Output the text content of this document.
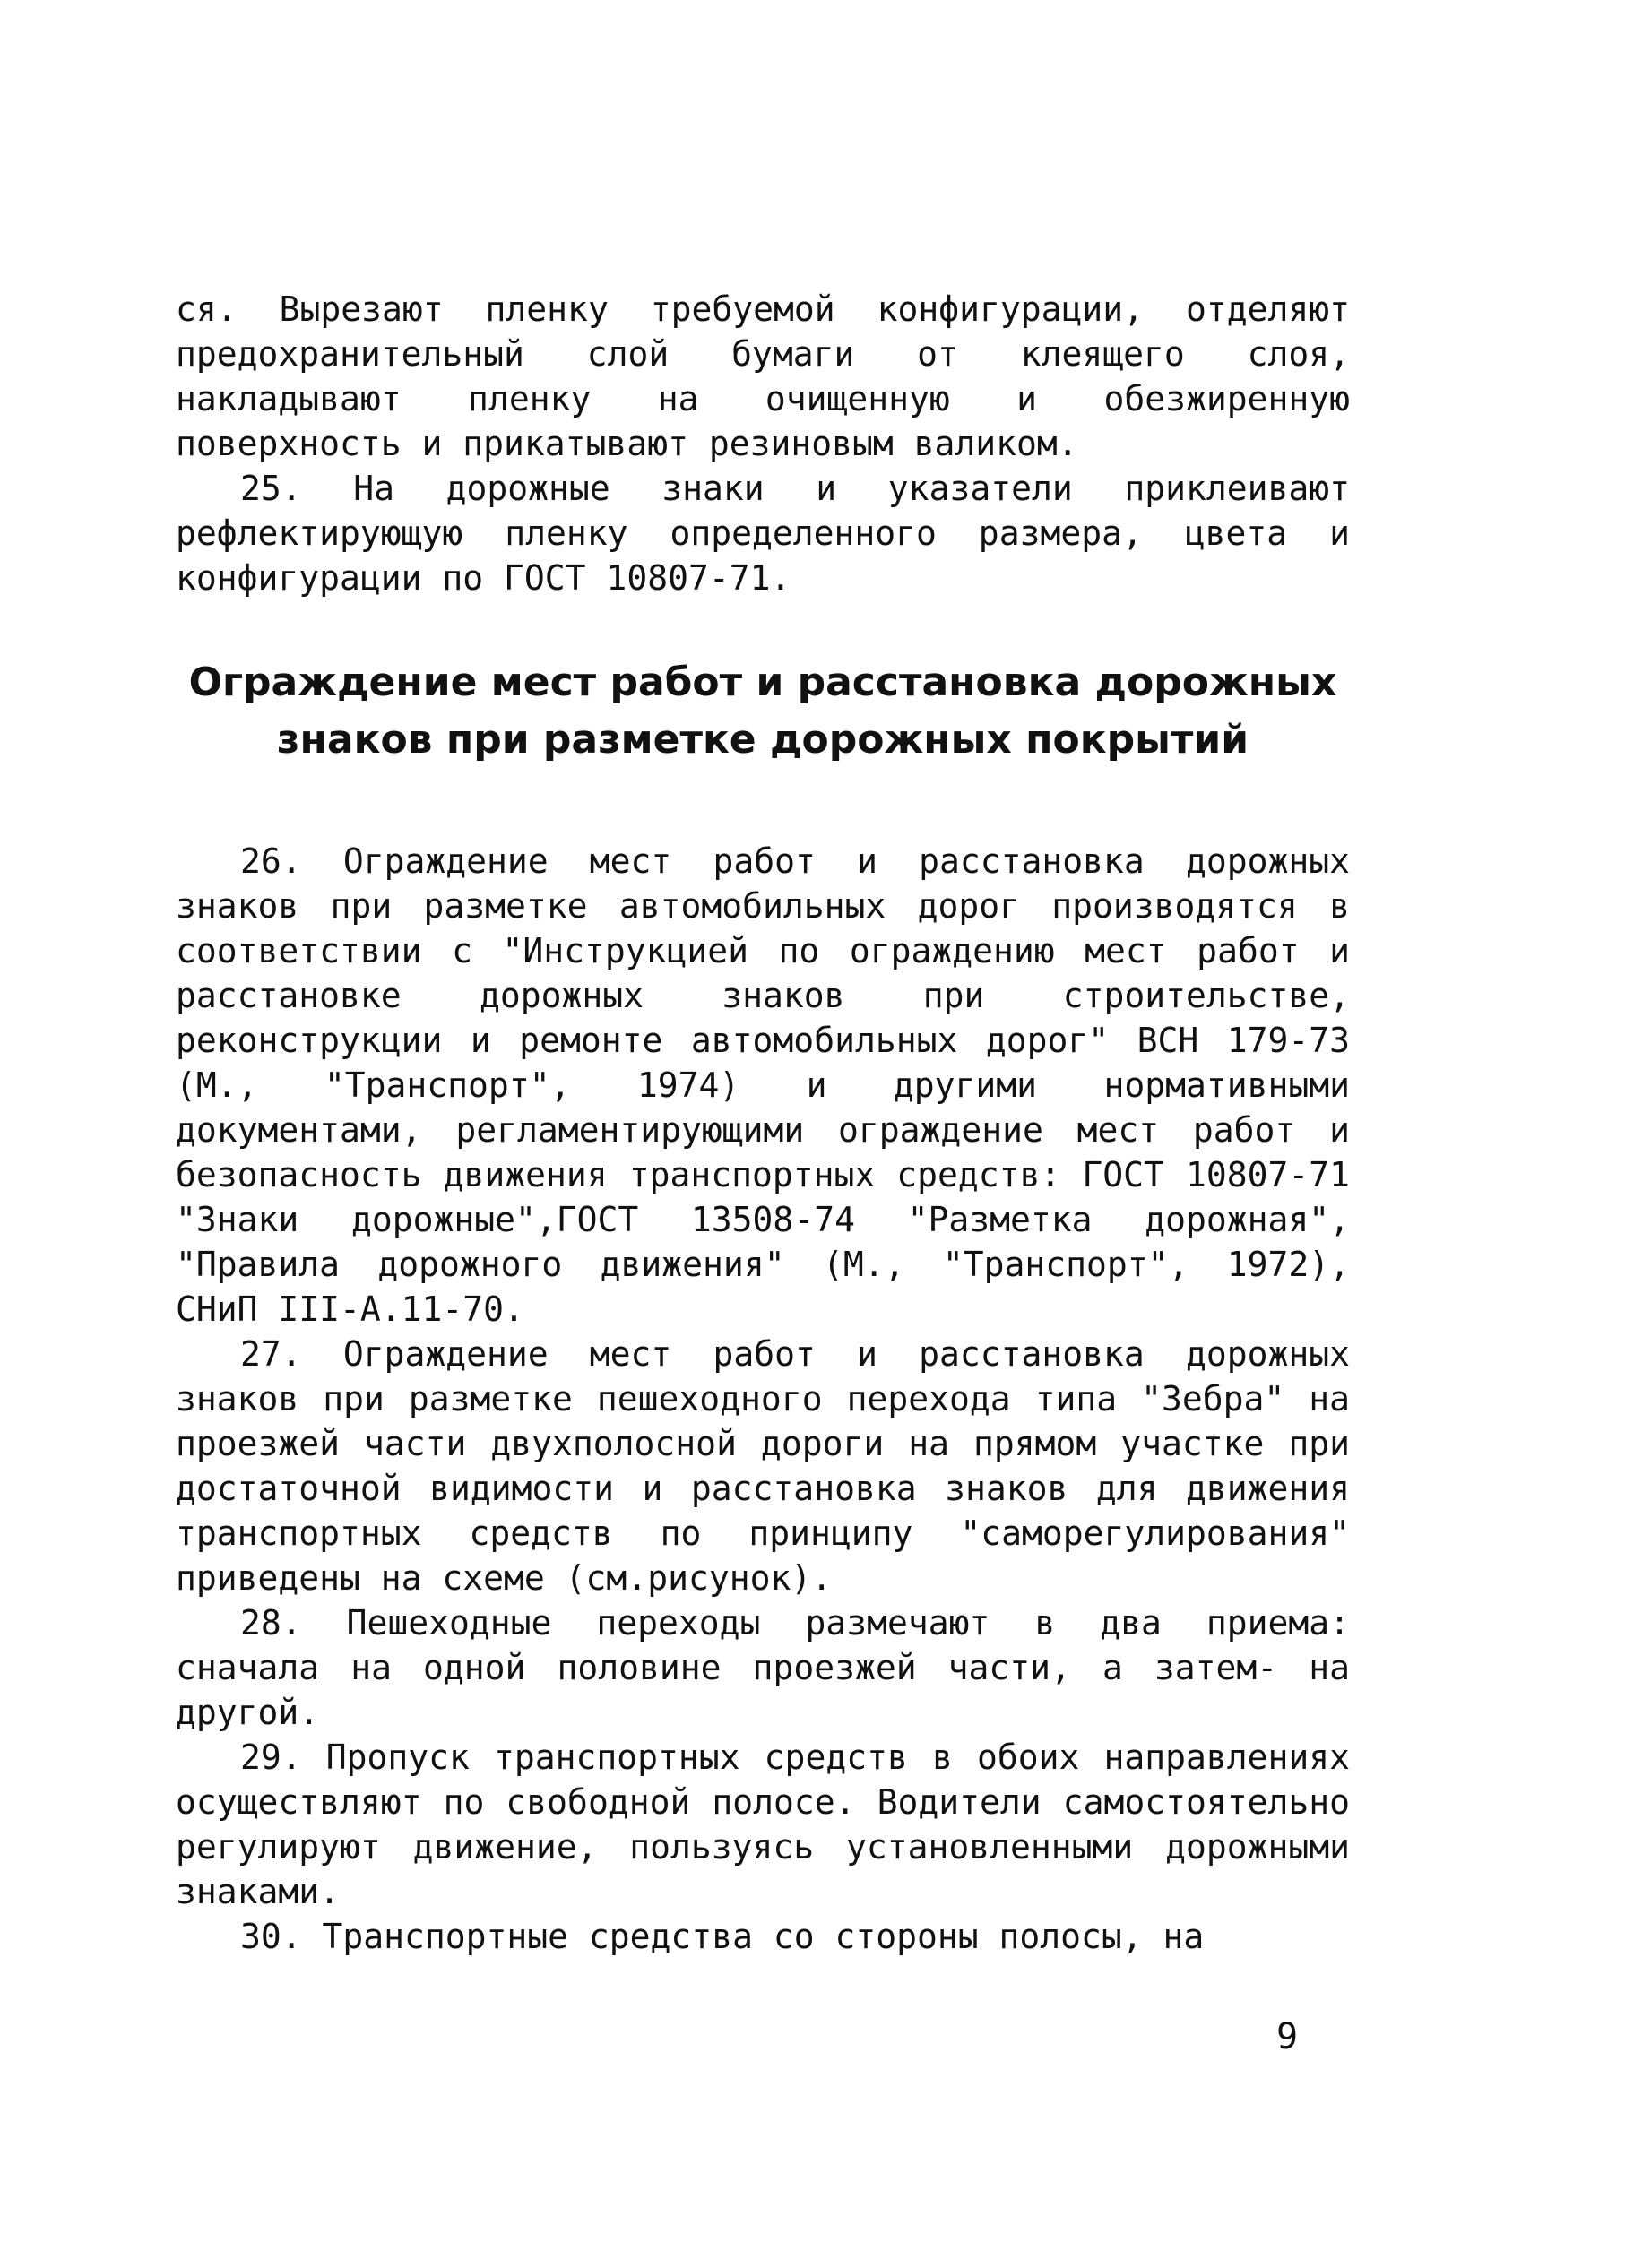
ся. Вырезают пленку требуемой конфигурации, отделяют предохранительный слой бумаги от клеящего слоя, накладывают пленку на очищенную и обезжиренную поверхность и прикатывают резиновым валиком.

25. На дорожные знаки и указатели приклеивают рефлектирующую пленку определенного размера, цвета и конфигурации по ГОСТ 10807-71.

Ограждение мест работ и расстановка дорожных
знаков при разметке дорожных покрытий

26. Ограждение мест работ и расстановка дорожных знаков при разметке автомобильных дорог производятся в соответствии с "Инструкцией по ограждению мест работ и расстановке дорожных знаков при строительстве, реконструкции и ремонте автомобильных дорог" ВСН 179-73 (М., "Транспорт", 1974) и другими нормативными документами, регламентирующими ограждение мест работ и безопасность движения транспортных средств: ГОСТ 10807-71 "Знаки дорожные",ГОСТ 13508-74 "Разметка дорожная", "Правила дорожного движения" (М., "Транспорт", 1972), СНиП III-А.11-70.

27. Ограждение мест работ и расстановка дорожных знаков при разметке пешеходного перехода типа "Зебра" на проезжей части двухполосной дороги на прямом участке при достаточной видимости и расстановка знаков для движения транспортных средств по принципу "саморегулирования" приведены на схеме (см.рисунок).

28. Пешеходные переходы размечают в два приема: сначала на одной половине проезжей части, а затем- на другой.

29. Пропуск транспортных средств в обоих направлениях осуществляют по свободной полосе. Водители самостоятельно регулируют движение, пользуясь установленными дорожными знаками.

30. Транспортные средства со стороны полосы, на

9
